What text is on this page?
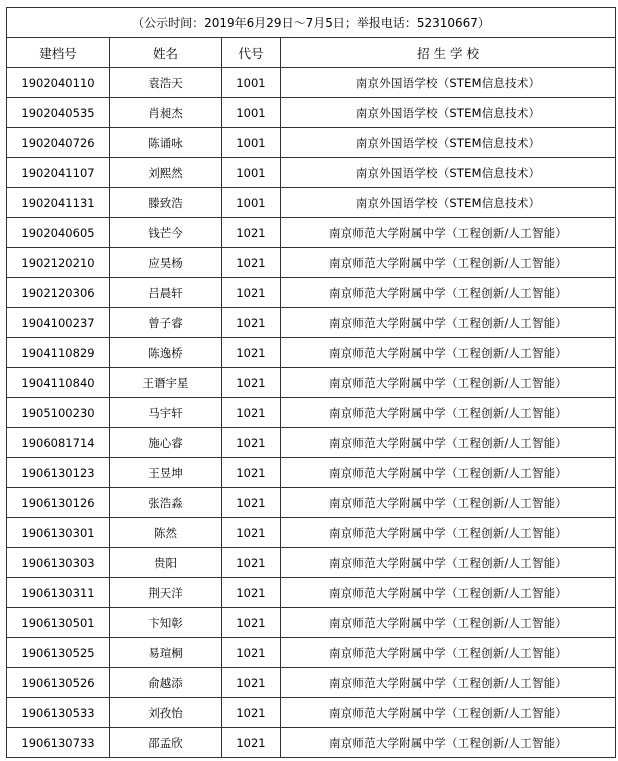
（公示时间：2019年6月29日～7月5日；举报电话：52310667）			
建档号	姓名	代号	招 生 学 校
1902040110	袁浩天	1001	南京外国语学校（STEM信息技术）
1902040535	肖昶杰	1001	南京外国语学校（STEM信息技术）
1902040726	陈诵咏	1001	南京外国语学校（STEM信息技术）
1902041107	刘熙然	1001	南京外国语学校（STEM信息技术）
1902041131	滕致浩	1001	南京外国语学校（STEM信息技术）
1902040605	钱芒今	1021	南京师范大学附属中学（工程创新/人工智能）
1902120210	应昊杨	1021	南京师范大学附属中学（工程创新/人工智能）
1902120306	吕晨轩	1021	南京师范大学附属中学（工程创新/人工智能）
1904100237	曾子睿	1021	南京师范大学附属中学（工程创新/人工智能）
1904110829	陈逸桥	1021	南京师范大学附属中学（工程创新/人工智能）
1904110840	王谮宇星	1021	南京师范大学附属中学（工程创新/人工智能）
1905100230	马宇轩	1021	南京师范大学附属中学（工程创新/人工智能）
1906081714	施心睿	1021	南京师范大学附属中学（工程创新/人工智能）
1906130123	王昱坤	1021	南京师范大学附属中学（工程创新/人工智能）
1906130126	张浩淼	1021	南京师范大学附属中学（工程创新/人工智能）
1906130301	陈然	1021	南京师范大学附属中学（工程创新/人工智能）
1906130303	贵阳	1021	南京师范大学附属中学（工程创新/人工智能）
1906130311	荆天洋	1021	南京师范大学附属中学（工程创新/人工智能）
1906130501	卞知彰	1021	南京师范大学附属中学（工程创新/人工智能）
1906130525	易瑄桐	1021	南京师范大学附属中学（工程创新/人工智能）
1906130526	俞越添	1021	南京师范大学附属中学（工程创新/人工智能）
1906130533	刘孜怡	1021	南京师范大学附属中学（工程创新/人工智能）
1906130733	邵孟欣	1021	南京师范大学附属中学（工程创新/人工智能）
